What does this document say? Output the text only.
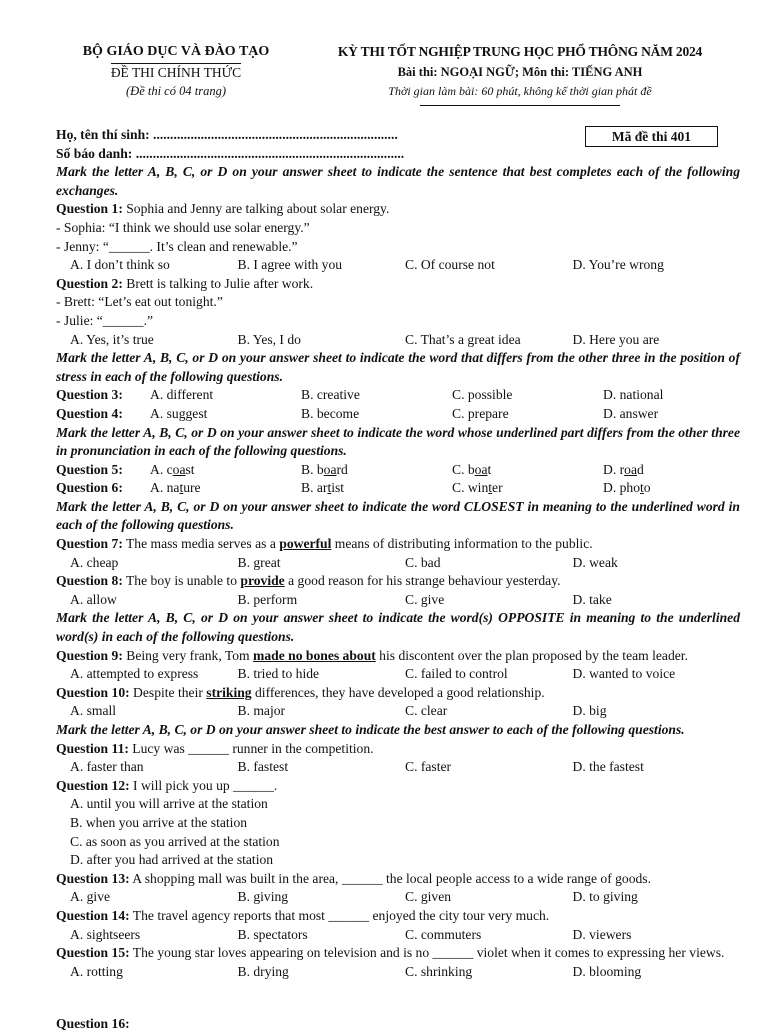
BỘ GIÁO DỤC VÀ ĐÀO TẠO
ĐỀ THI CHÍNH THỨC
(Đề thi có 04 trang)
KỲ THI TỐT NGHIỆP TRUNG HỌC PHỔ THÔNG NĂM 2024
Bài thi: NGOẠI NGỮ; Môn thi: TIẾNG ANH
Thời gian làm bài: 60 phút, không kể thời gian phát đề
Họ, tên thí sinh: ........................................................................
Số báo danh: ...............................................................................
Mã đề thi 401
Mark the letter A, B, C, or D on your answer sheet to indicate the sentence that best completes each of the following exchanges.
Question 1: Sophia and Jenny are talking about solar energy.
- Sophia: “I think we should use solar energy.”
- Jenny: “______. It’s clean and renewable.”
A. I don’t think so	B. I agree with you	C. Of course not	D. You’re wrong
Question 2: Brett is talking to Julie after work.
- Brett: “Let’s eat out tonight.”
- Julie: “______.”
A. Yes, it’s true	B. Yes, I do	C. That’s a great idea	D. Here you are
Mark the letter A, B, C, or D on your answer sheet to indicate the word that differs from the other three in the position of stress in each of the following questions.
Question 3:	A. different	B. creative	C. possible	D. national
Question 4:	A. suggest	B. become	C. prepare	D. answer
Mark the letter A, B, C, or D on your answer sheet to indicate the word whose underlined part differs from the other three in pronunciation in each of the following questions.
Question 5:	A. coast	B. board	C. boat	D. road
Question 6:	A. nature	B. artist	C. winter	D. photo
Mark the letter A, B, C, or D on your answer sheet to indicate the word CLOSEST in meaning to the underlined word in each of the following questions.
Question 7: The mass media serves as a powerful means of distributing information to the public.
A. cheap	B. great	C. bad	D. weak
Question 8: The boy is unable to provide a good reason for his strange behaviour yesterday.
A. allow	B. perform	C. give	D. take
Mark the letter A, B, C, or D on your answer sheet to indicate the word(s) OPPOSITE in meaning to the underlined word(s) in each of the following questions.
Question 9: Being very frank, Tom made no bones about his discontent over the plan proposed by the team leader.
A. attempted to express	B. tried to hide	C. failed to control	D. wanted to voice
Question 10: Despite their striking differences, they have developed a good relationship.
A. small	B. major	C. clear	D. big
Mark the letter A, B, C, or D on your answer sheet to indicate the best answer to each of the following questions.
Question 11: Lucy was ______ runner in the competition.
A. faster than	B. fastest	C. faster	D. the fastest
Question 12: I will pick you up ______.
A. until you will arrive at the station
B. when you arrive at the station
C. as soon as you arrived at the station
D. after you had arrived at the station
Question 13: A shopping mall was built in the area, ______ the local people access to a wide range of goods.
A. give	B. giving	C. given	D. to giving
Question 14: The travel agency reports that most ______ enjoyed the city tour very much.
A. sightseers	B. spectators	C. commuters	D. viewers
Question 15: The young star loves appearing on television and is no ______ violet when it comes to expressing her views.
A. rotting	B. drying	C. shrinking	D. blooming
Question 16:
